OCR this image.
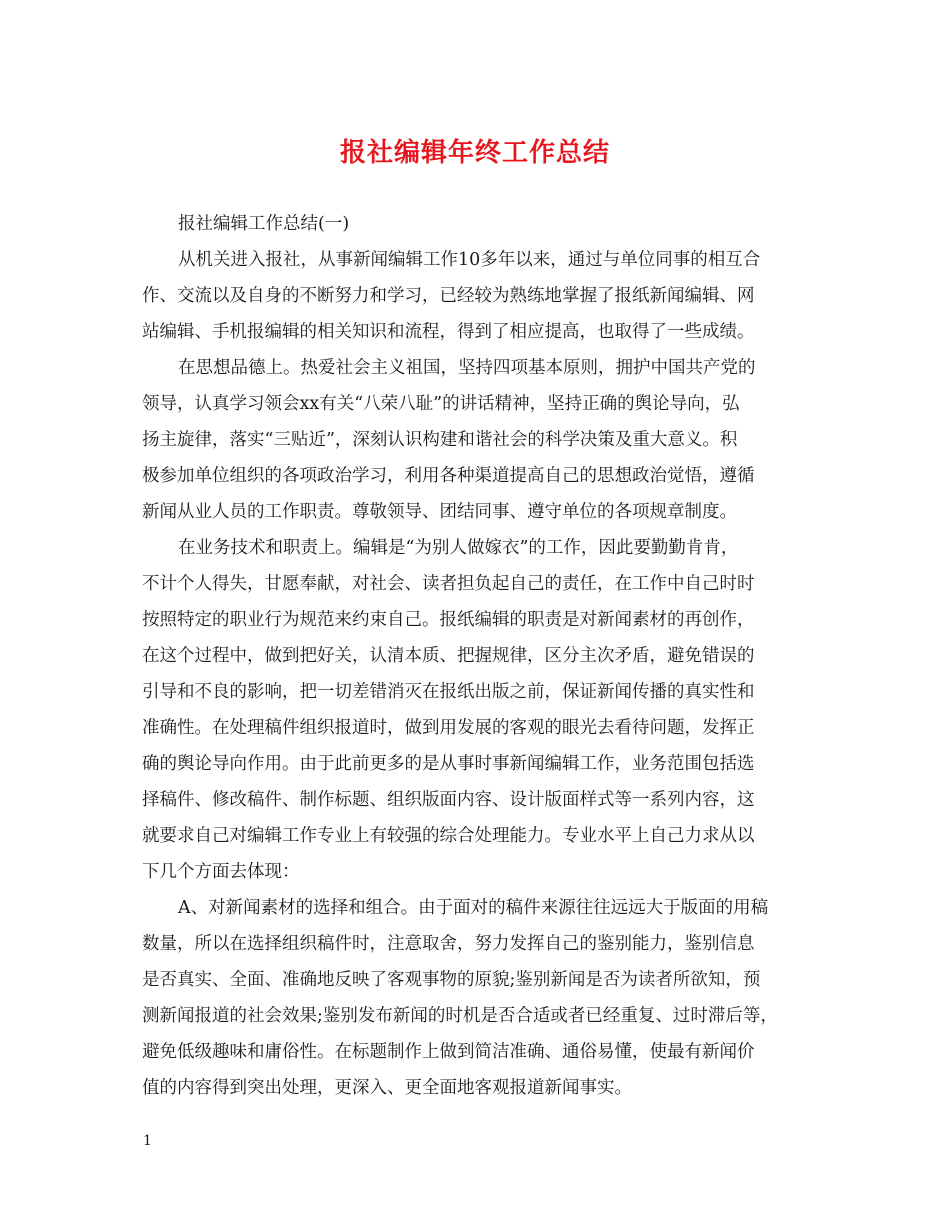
报社编辑年终工作总结
报社编辑工作总结(一)
从机关进入报社，从事新闻编辑工作10多年以来，通过与单位同事的相互合
作、交流以及自身的不断努力和学习，已经较为熟练地掌握了报纸新闻编辑、网
站编辑、手机报编辑的相关知识和流程，得到了相应提高，也取得了一些成绩。
在思想品德上。热爱社会主义祖国，坚持四项基本原则，拥护中国共产党的
领导，认真学习领会xx有关“八荣八耻”的讲话精神，坚持正确的舆论导向，弘
扬主旋律，落实“三贴近”，深刻认识构建和谐社会的科学决策及重大意义。积
极参加单位组织的各项政治学习，利用各种渠道提高自己的思想政治觉悟，遵循
新闻从业人员的工作职责。尊敬领导、团结同事、遵守单位的各项规章制度。
在业务技术和职责上。编辑是“为别人做嫁衣”的工作，因此要勤勤肯肯，
不计个人得失，甘愿奉献，对社会、读者担负起自己的责任，在工作中自己时时
按照特定的职业行为规范来约束自己。报纸编辑的职责是对新闻素材的再创作，
在这个过程中，做到把好关，认清本质、把握规律，区分主次矛盾，避免错误的
引导和不良的影响，把一切差错消灭在报纸出版之前，保证新闻传播的真实性和
准确性。在处理稿件组织报道时，做到用发展的客观的眼光去看待问题，发挥正
确的舆论导向作用。由于此前更多的是从事时事新闻编辑工作，业务范围包括选
择稿件、修改稿件、制作标题、组织版面内容、设计版面样式等一系列内容，这
就要求自己对编辑工作专业上有较强的综合处理能力。专业水平上自己力求从以
下几个方面去体现：
A、对新闻素材的选择和组合。由于面对的稿件来源往往远远大于版面的用稿
数量，所以在选择组织稿件时，注意取舍，努力发挥自己的鉴别能力，鉴别信息
是否真实、全面、准确地反映了客观事物的原貌;鉴别新闻是否为读者所欲知，预
测新闻报道的社会效果;鉴别发布新闻的时机是否合适或者已经重复、过时滞后等，
避免低级趣味和庸俗性。在标题制作上做到简洁准确、通俗易懂，使最有新闻价
值的内容得到突出处理，更深入、更全面地客观报道新闻事实。
1
